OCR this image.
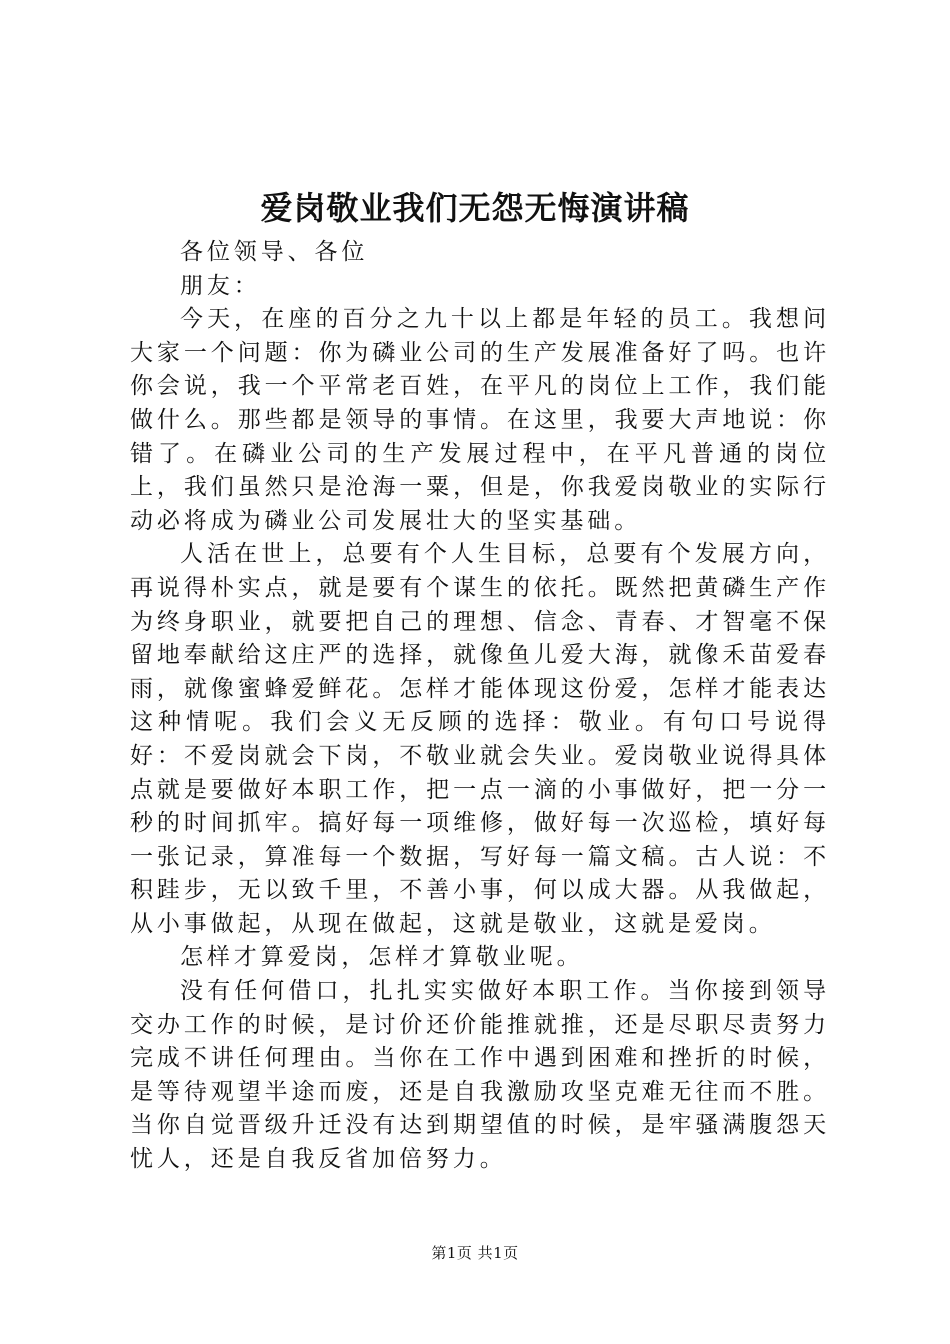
爱岗敬业我们无怨无悔演讲稿

各位领导、各位

朋友：

今天，在座的百分之九十以上都是年轻的员工。我想问大家一个问题：你为磷业公司的生产发展准备好了吗。也许你会说，我一个平常老百姓，在平凡的岗位上工作，我们能做什么。那些都是领导的事情。在这里，我要大声地说：你错了。在磷业公司的生产发展过程中，在平凡普通的岗位上，我们虽然只是沧海一粟，但是，你我爱岗敬业的实际行动必将成为磷业公司发展壮大的坚实基础。

人活在世上，总要有个人生目标，总要有个发展方向，再说得朴实点，就是要有个谋生的依托。既然把黄磷生产作为终身职业，就要把自己的理想、信念、青春、才智毫不保留地奉献给这庄严的选择，就像鱼儿爱大海，就像禾苗爱春雨，就像蜜蜂爱鲜花。怎样才能体现这份爱，怎样才能表达这种情呢。我们会义无反顾的选择：敬业。有句口号说得好：不爱岗就会下岗，不敬业就会失业。爱岗敬业说得具体点就是要做好本职工作，把一点一滴的小事做好，把一分一秒的时间抓牢。搞好每一项维修，做好每一次巡检，填好每一张记录，算准每一个数据，写好每一篇文稿。古人说：不积跬步，无以致千里，不善小事，何以成大器。从我做起，从小事做起，从现在做起，这就是敬业，这就是爱岗。

怎样才算爱岗，怎样才算敬业呢。

没有任何借口，扎扎实实做好本职工作。当你接到领导交办工作的时候，是讨价还价能推就推，还是尽职尽责努力完成不讲任何理由。当你在工作中遇到困难和挫折的时候，是等待观望半途而废，还是自我激励攻坚克难无往而不胜。当你自觉晋级升迁没有达到期望值的时候，是牢骚满腹怨天忧人，还是自我反省加倍努力。

第1页 共1页
